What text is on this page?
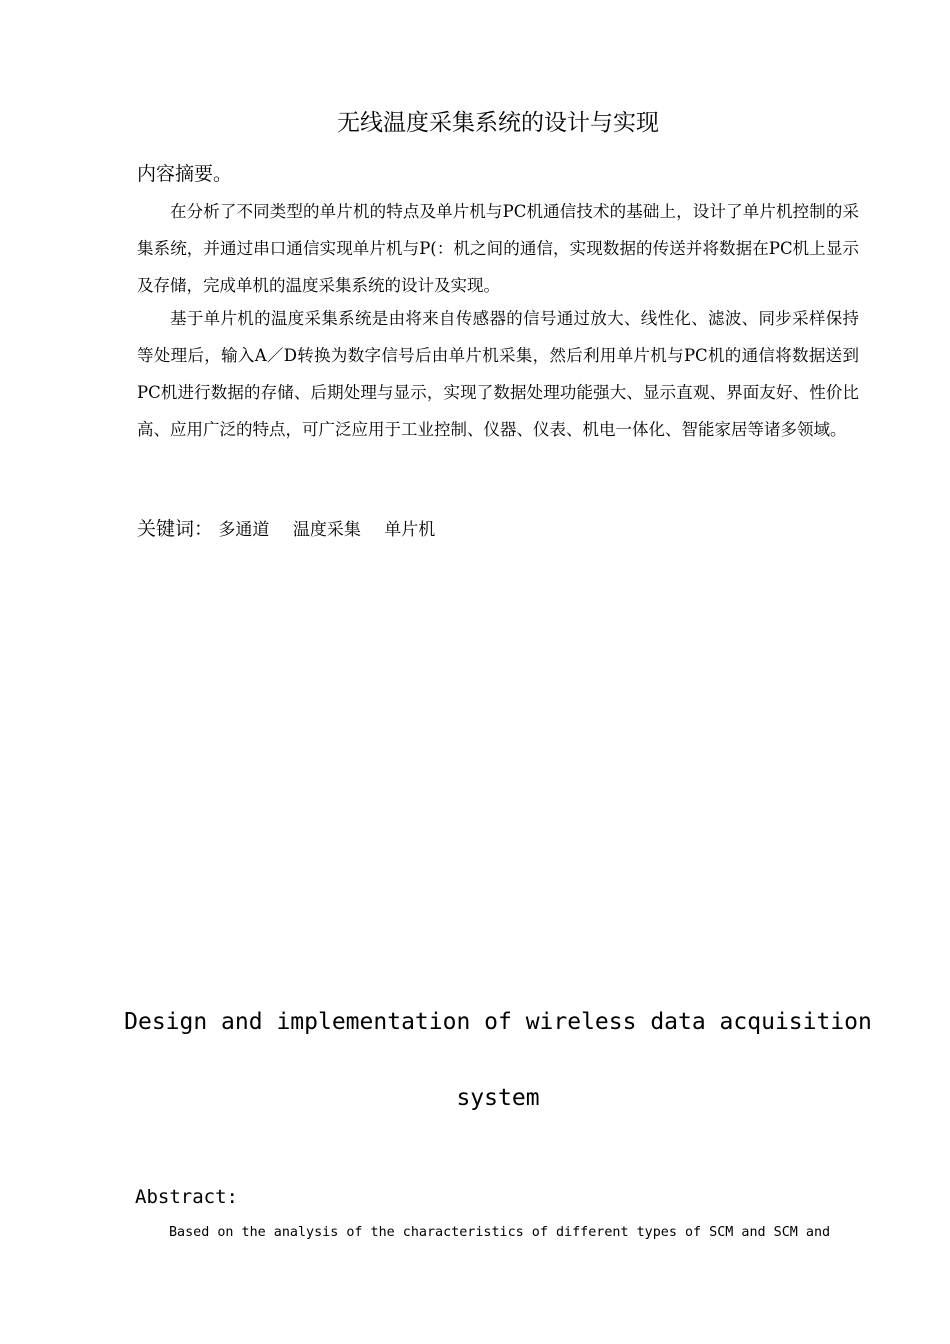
无线温度采集系统的设计与实现
内容摘要。

在分析了不同类型的单片机的特点及单片机与PC机通信技术的基础上，设计了单片机控制的采集系统，并通过串口通信实现单片机与P(：机之间的通信，实现数据的传送并将数据在PC机上显示及存储，完成单机的温度采集系统的设计及实现。

基于单片机的温度采集系统是由将来自传感器的信号通过放大、线性化、滤波、同步采样保持等处理后，输入A／D转换为数字信号后由单片机采集，然后利用单片机与PC机的通信将数据送到PC机进行数据的存储、后期处理与显示，实现了数据处理功能强大、显示直观、界面友好、性价比高、应用广泛的特点，可广泛应用于工业控制、仪器、仪表、机电一体化、智能家居等诸多领域。

关键词： 多通道 温度采集 单片机
Design and implementation of wireless data acquisition
system
Abstract:
Based on the analysis of the characteristics of different types of SCM and SCM and
